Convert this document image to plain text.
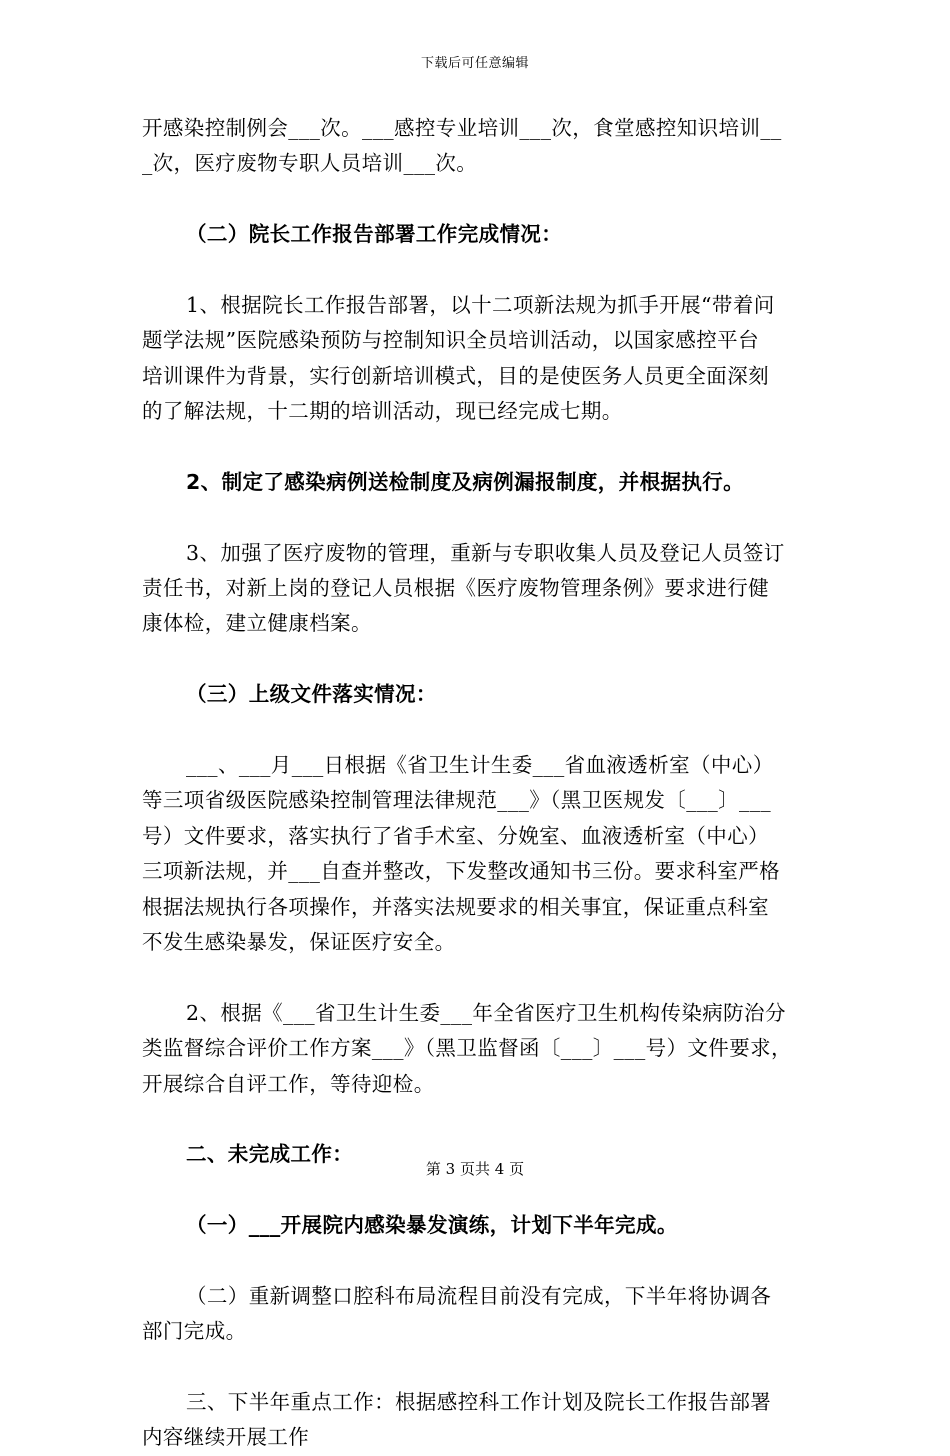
下载后可任意编辑
开感染控制例会___次。___感控专业培训___次，食堂感控知识培训__
_次，医疗废物专职人员培训___次。
（二）院长工作报告部署工作完成情况：
1、根据院长工作报告部署，以十二项新法规为抓手开展“带着问
题学法规”医院感染预防与控制知识全员培训活动，以国家感控平台
培训课件为背景，实行创新培训模式，目的是使医务人员更全面深刻
的了解法规，十二期的培训活动，现已经完成七期。
2、制定了感染病例送检制度及病例漏报制度，并根据执行。
3、加强了医疗废物的管理，重新与专职收集人员及登记人员签订
责任书，对新上岗的登记人员根据《医疗废物管理条例》要求进行健
康体检，建立健康档案。
（三）上级文件落实情况：
___、___月___日根据《省卫生计生委___省血液透析室（中心）
等三项省级医院感染控制管理法律规范___》（黑卫医规发〔___〕___
号）文件要求，落实执行了省手术室、分娩室、血液透析室（中心）
三项新法规，并___自查并整改，下发整改通知书三份。要求科室严格
根据法规执行各项操作，并落实法规要求的相关事宜，保证重点科室
不发生感染暴发，保证医疗安全。
2、根据《___省卫生计生委___年全省医疗卫生机构传染病防治分
类监督综合评价工作方案___》（黑卫监督函〔___〕___号）文件要求，
开展综合自评工作，等待迎检。
二、未完成工作：
（一）___开展院内感染暴发演练，计划下半年完成。
（二）重新调整口腔科布局流程目前没有完成，下半年将协调各
部门完成。
三、下半年重点工作：根据感控科工作计划及院长工作报告部署
内容继续开展工作
第 3 页共 4 页
